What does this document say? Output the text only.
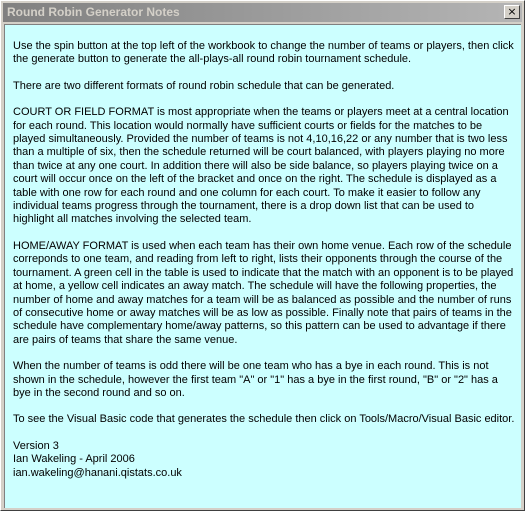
Round Robin Generator Notes	×

Use the spin button at the top left of the workbook to change the number of teams or players, then click the generate button to generate the all-plays-all round robin tournament schedule.

There are two different formats of round robin schedule that can be generated.

COURT OR FIELD FORMAT is most appropriate when the teams or players meet at a central location for each round. This location would normally have sufficient courts or fields for the matches to be played simultaneously. Provided the number of teams is not 4,10,16,22 or any number that is two less than a multiple of six, then the schedule returned will be court balanced, with players playing no more than twice at any one court. In addition there will also be side balance, so players playing twice on a court will occur once on the left of the bracket and once on the right. The schedule is displayed as a table with one row for each round and one column for each court. To make it easier to follow any individual teams progress through the tournament, there is a drop down list that can be used to highlight all matches involving the selected team.

HOME/AWAY FORMAT is used when each team has their own home venue. Each row of the schedule correponds to one team, and reading from left to right, lists their opponents through the course of the tournament. A green cell in the table is used to indicate that the match with an opponent is to be played at home, a yellow cell indicates an away match. The schedule will have the following properties, the number of home and away matches for a team will be as balanced as possible and the number of runs of consecutive home or away matches will be as low as possible. Finally note that pairs of teams in the schedule have complementary home/away patterns, so this pattern can be used to advantage if there are pairs of teams that share the same venue.

When the number of teams is odd there will be one team who has a bye in each round. This is not shown in the schedule, however the first team "A" or "1" has a bye in the first round, "B" or "2" has a bye in the second round and so on.

To see the Visual Basic code that generates the schedule then click on Tools/Macro/Visual Basic editor.

Version 3

Ian Wakeling - April 2006

ian.wakeling@hanani.qistats.co.uk
